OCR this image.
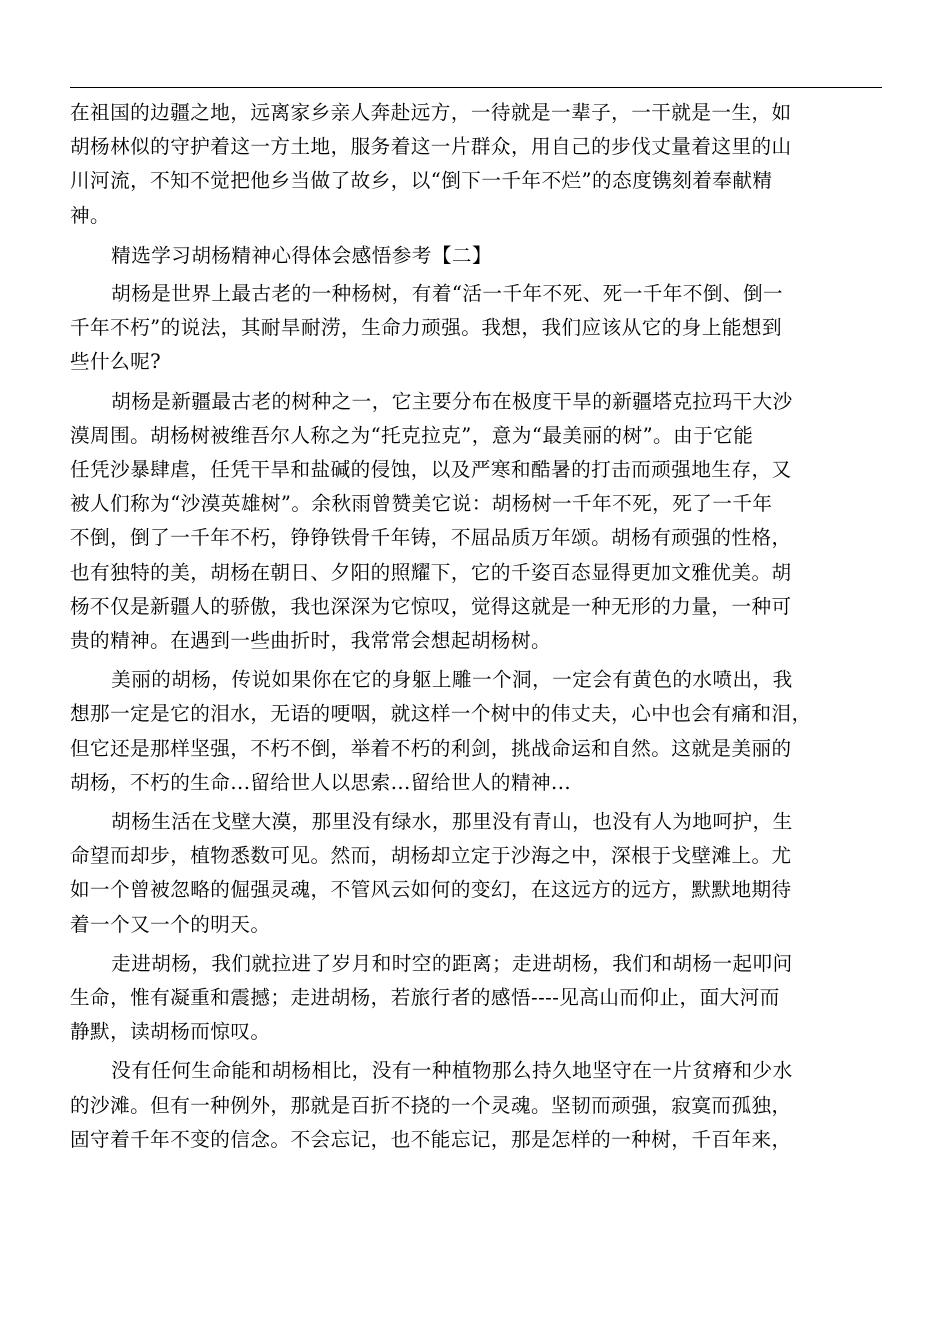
在祖国的边疆之地，远离家乡亲人奔赴远方，一待就是一辈子，一干就是一生，如
胡杨林似的守护着这一方土地，服务着这一片群众，用自己的步伐丈量着这里的山
川河流，不知不觉把他乡当做了故乡，以“倒下一千年不烂”的态度镌刻着奉献精
神。

精选学习胡杨精神心得体会感悟参考【二】

胡杨是世界上最古老的一种杨树，有着“活一千年不死、死一千年不倒、倒一
千年不朽”的说法，其耐旱耐涝，生命力顽强。我想，我们应该从它的身上能想到
些什么呢?

胡杨是新疆最古老的树种之一，它主要分布在极度干旱的新疆塔克拉玛干大沙
漠周围。胡杨树被维吾尔人称之为“托克拉克”，意为“最美丽的树”。由于它能
任凭沙暴肆虐，任凭干旱和盐碱的侵蚀，以及严寒和酷暑的打击而顽强地生存，又
被人们称为“沙漠英雄树”。余秋雨曾赞美它说：胡杨树一千年不死，死了一千年
不倒，倒了一千年不朽，铮铮铁骨千年铸，不屈品质万年颂。胡杨有顽强的性格，
也有独特的美，胡杨在朝日、夕阳的照耀下，它的千姿百态显得更加文雅优美。胡
杨不仅是新疆人的骄傲，我也深深为它惊叹，觉得这就是一种无形的力量，一种可
贵的精神。在遇到一些曲折时，我常常会想起胡杨树。

美丽的胡杨，传说如果你在它的身躯上雕一个洞，一定会有黄色的水喷出，我
想那一定是它的泪水，无语的哽咽，就这样一个树中的伟丈夫，心中也会有痛和泪，
但它还是那样坚强，不朽不倒，举着不朽的利剑，挑战命运和自然。这就是美丽的
胡杨，不朽的生命...留给世人以思索...留给世人的精神...

胡杨生活在戈壁大漠，那里没有绿水，那里没有青山，也没有人为地呵护，生
命望而却步，植物悉数可见。然而，胡杨却立定于沙海之中，深根于戈壁滩上。尤
如一个曾被忽略的倔强灵魂，不管风云如何的变幻，在这远方的远方，默默地期待
着一个又一个的明天。

走进胡杨，我们就拉进了岁月和时空的距离；走进胡杨，我们和胡杨一起叩问
生命，惟有凝重和震撼；走进胡杨，若旅行者的感悟----见高山而仰止，面大河而
静默，读胡杨而惊叹。

没有任何生命能和胡杨相比，没有一种植物那么持久地坚守在一片贫瘠和少水
的沙滩。但有一种例外，那就是百折不挠的一个灵魂。坚韧而顽强，寂寞而孤独，
固守着千年不变的信念。不会忘记，也不能忘记，那是怎样的一种树，千百年来，
